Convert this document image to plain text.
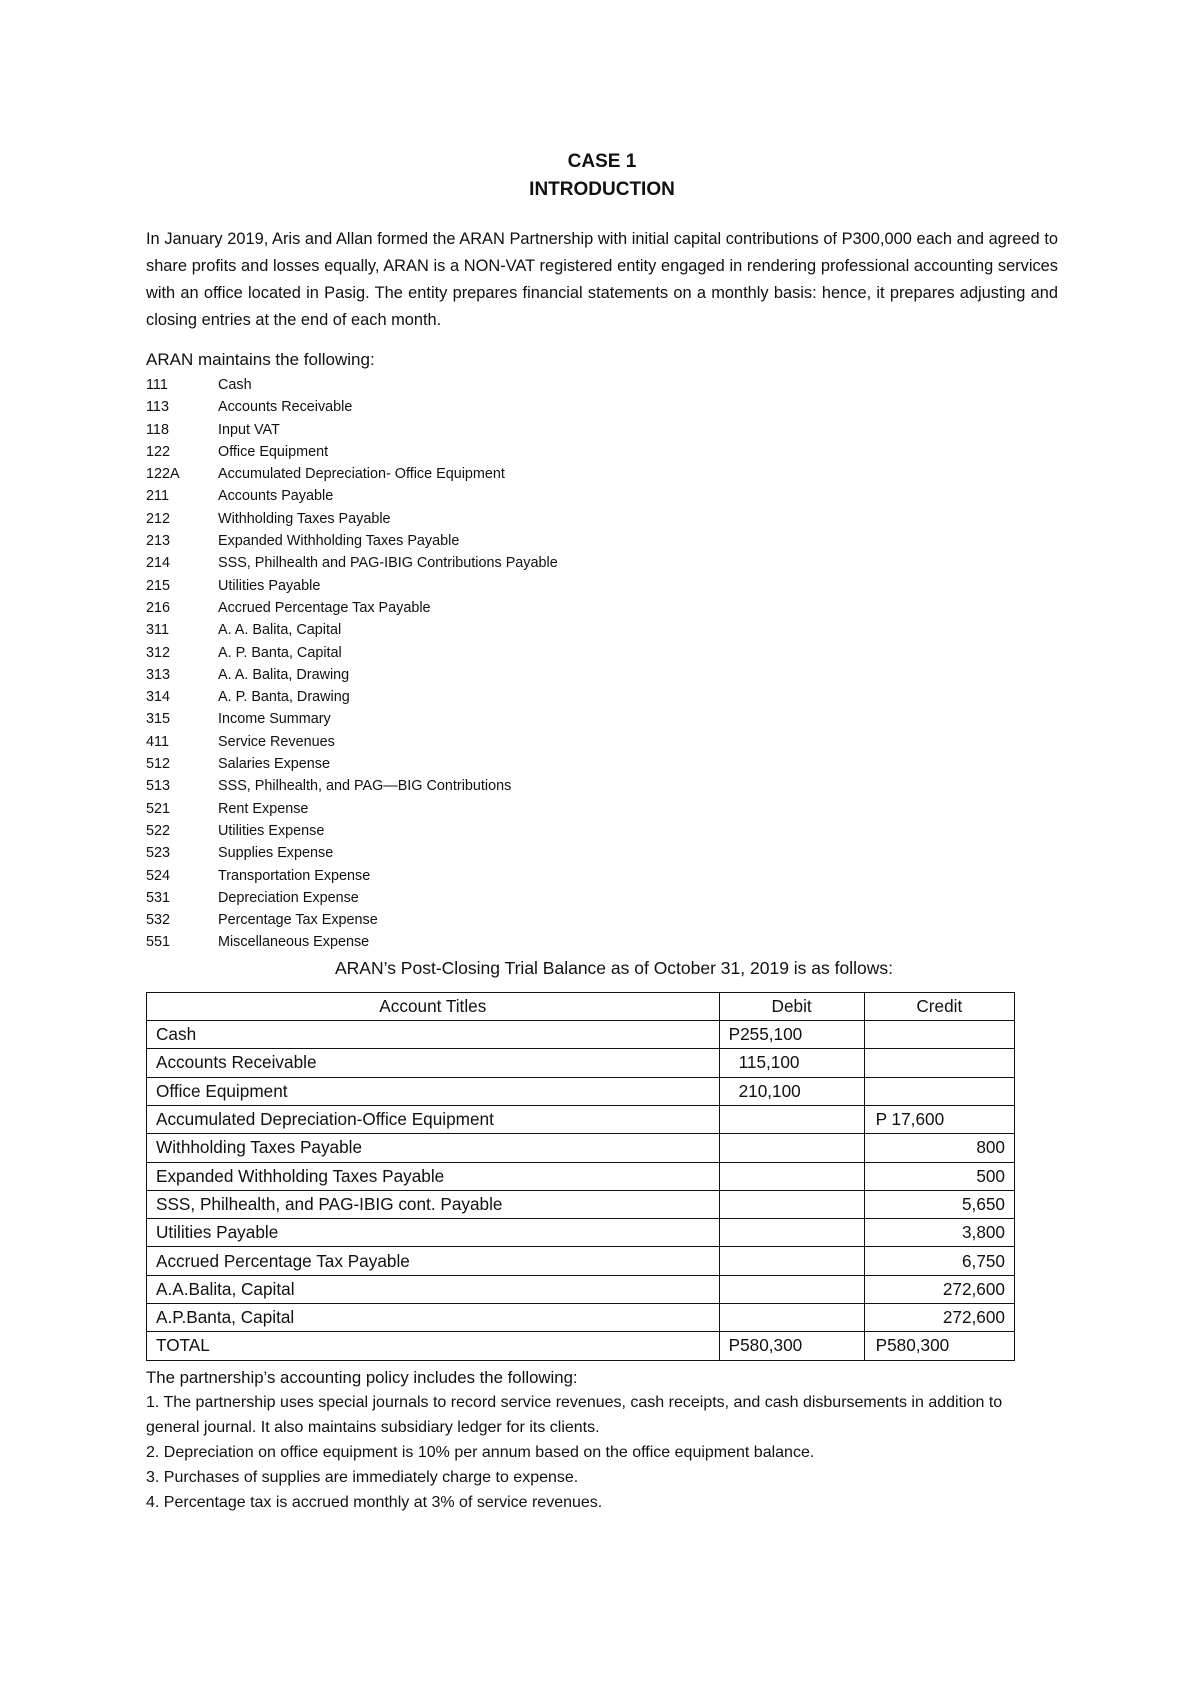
CASE 1
INTRODUCTION

In January 2019, Aris and Allan formed the ARAN Partnership with initial capital contributions of P300,000 each and agreed to share profits and losses equally, ARAN is a NON-VAT registered entity engaged in rendering professional accounting services with an office located in Pasig. The entity prepares financial statements on a monthly basis: hence, it prepares adjusting and closing entries at the end of each month.

ARAN maintains the following:

111	Cash
113	Accounts Receivable
118	Input VAT
122	Office Equipment
122A	Accumulated Depreciation- Office Equipment
211	Accounts Payable
212	Withholding Taxes Payable
213	Expanded Withholding Taxes Payable
214	SSS, Philhealth and PAG-IBIG Contributions Payable
215	Utilities Payable
216	Accrued Percentage Tax Payable
311	A. A. Balita, Capital
312	A. P. Banta, Capital
313	A. A. Balita, Drawing
314	A. P. Banta, Drawing
315	Income Summary
411	Service Revenues
512	Salaries Expense
513	SSS, Philhealth, and PAG—BIG Contributions
521	Rent Expense
522	Utilities Expense
523	Supplies Expense
524	Transportation Expense
531	Depreciation Expense
532	Percentage Tax Expense
551	Miscellaneous Expense

ARAN’s Post-Closing Trial Balance as of October 31, 2019 is as follows:

Account Titles	Debit	Credit
Cash	P255,100	
Accounts Receivable	115,100	
Office Equipment	210,100	
Accumulated Depreciation-Office Equipment		P 17,600
Withholding Taxes Payable		800
Expanded Withholding Taxes Payable		500
SSS, Philhealth, and PAG-IBIG cont. Payable		5,650
Utilities Payable		3,800
Accrued Percentage Tax Payable		6,750
A.A.Balita, Capital		272,600
A.P.Banta, Capital		272,600
TOTAL	P580,300	P580,300

The partnership’s accounting policy includes the following:

1. The partnership uses special journals to record service revenues, cash receipts, and cash disbursements in addition to general journal. It also maintains subsidiary ledger for its clients.
2. Depreciation on office equipment is 10% per annum based on the office equipment balance.
3. Purchases of supplies are immediately charge to expense.
4. Percentage tax is accrued monthly at 3% of service revenues.
